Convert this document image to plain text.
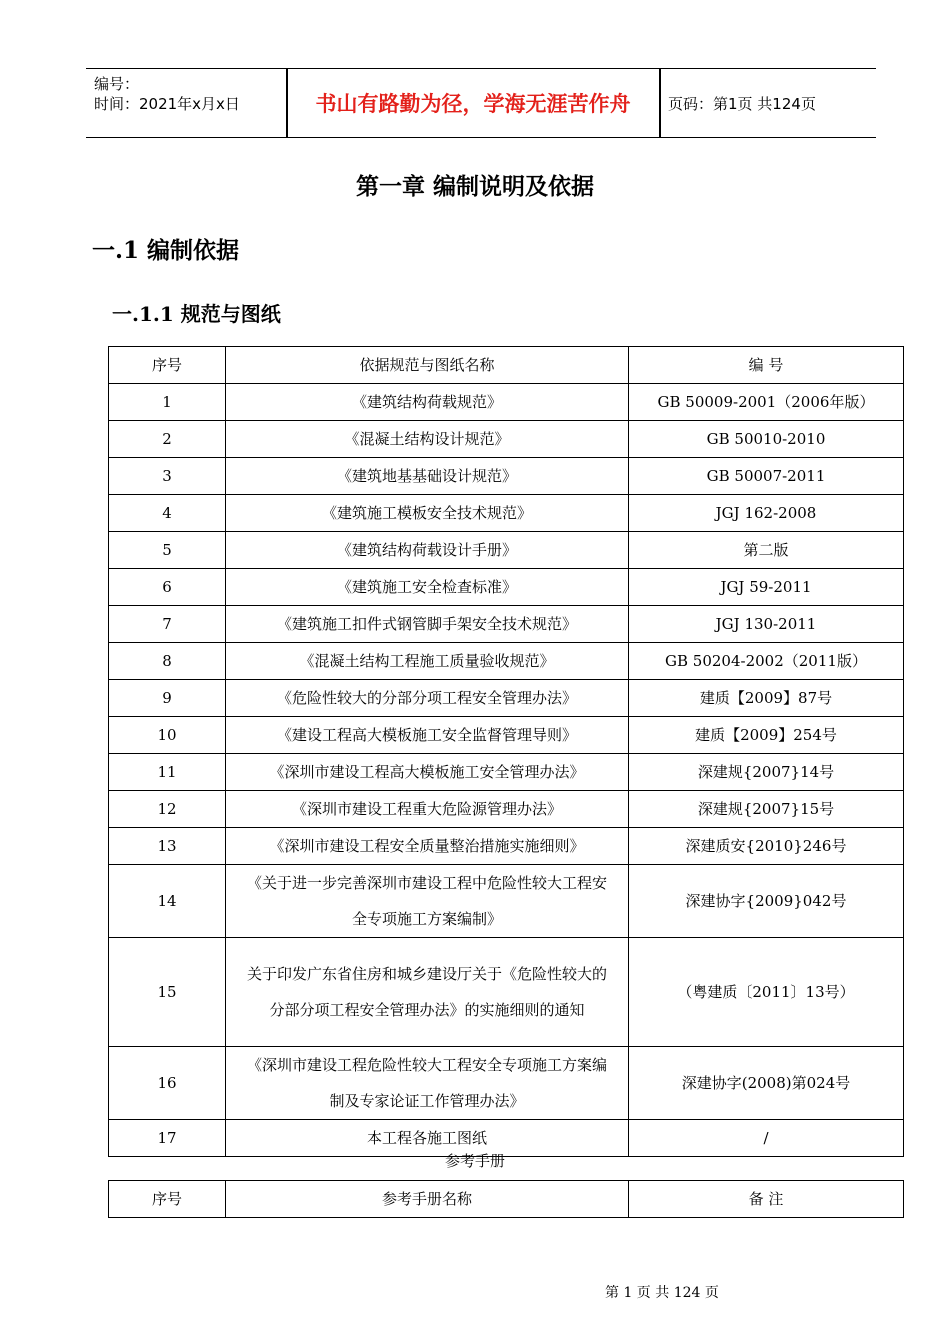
编号：
时间：2021年x月x日	书山有路勤为径，学海无涯苦作舟	页码：第1页 共124页
第一章 编制说明及依据
一.1 编制依据
一.1.1 规范与图纸
序号	依据规范与图纸名称	编 号
1	《建筑结构荷载规范》	GB 50009-2001（2006年版）
2	《混凝土结构设计规范》	GB 50010-2010
3	《建筑地基基础设计规范》	GB 50007-2011
4	《建筑施工模板安全技术规范》	JGJ 162-2008
5	《建筑结构荷载设计手册》	第二版
6	《建筑施工安全检查标准》	JGJ 59-2011
7	《建筑施工扣件式钢管脚手架安全技术规范》	JGJ 130-2011
8	《混凝土结构工程施工质量验收规范》	GB 50204-2002（2011版）
9	《危险性较大的分部分项工程安全管理办法》	建质【2009】87号
10	《建设工程高大模板施工安全监督管理导则》	建质【2009】254号
11	《深圳市建设工程高大模板施工安全管理办法》	深建规{2007}14号
12	《深圳市建设工程重大危险源管理办法》	深建规{2007}15号
13	《深圳市建设工程安全质量整治措施实施细则》	深建质安{2010}246号
14	《关于进一步完善深圳市建设工程中危险性较大工程安全专项施工方案编制》	深建协字{2009}042号
15	关于印发广东省住房和城乡建设厅关于《危险性较大的分部分项工程安全管理办法》的实施细则的通知	（粤建质〔2011〕13号）
16	《深圳市建设工程危险性较大工程安全专项施工方案编制及专家论证工作管理办法》	深建协字(2008)第024号
17	本工程各施工图纸	/
参考手册
序号	参考手册名称	备 注
第 1 页 共 124 页
